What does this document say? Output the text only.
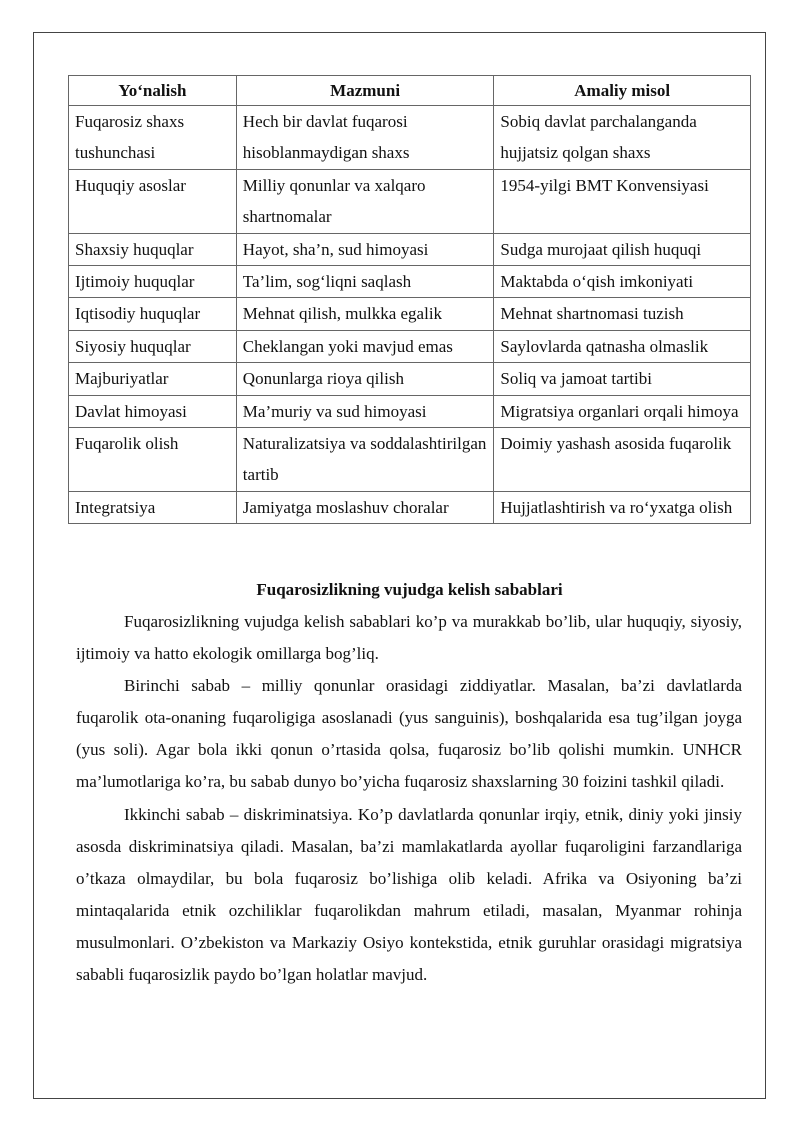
Yo‘nalish	Mazmuni	Amaliy misol
Fuqarosiz shaxs tushunchasi	Hech bir davlat fuqarosi hisoblanmaydigan shaxs	Sobiq davlat parchalanganda hujjatsiz qolgan shaxs
Huquqiy asoslar	Milliy qonunlar va xalqaro shartnomalar	1954-yilgi BMT Konvensiyasi
Shaxsiy huquqlar	Hayot, sha’n, sud himoyasi	Sudga murojaat qilish huquqi
Ijtimoiy huquqlar	Ta’lim, sog‘liqni saqlash	Maktabda o‘qish imkoniyati
Iqtisodiy huquqlar	Mehnat qilish, mulkka egalik	Mehnat shartnomasi tuzish
Siyosiy huquqlar	Cheklangan yoki mavjud emas	Saylovlarda qatnasha olmaslik
Majburiyatlar	Qonunlarga rioya qilish	Soliq va jamoat tartibi
Davlat himoyasi	Ma’muriy va sud himoyasi	Migratsiya organlari orqali himoya
Fuqarolik olish	Naturalizatsiya va soddalashtirilgan tartib	Doimiy yashash asosida fuqarolik
Integratsiya	Jamiyatga moslashuv choralar	Hujjatlashtirish va ro‘yxatga olish
Fuqarosizlikning vujudga kelish sabablari

Fuqarosizlikning vujudga kelish sabablari ko’p va murakkab bo’lib, ular huquqiy, siyosiy, ijtimoiy va hatto ekologik omillarga bog’liq.

Birinchi sabab – milliy qonunlar orasidagi ziddiyatlar. Masalan, ba’zi davlatlarda fuqarolik ota-onaning fuqaroligiga asoslanadi (yus sanguinis), boshqalarida esa tug’ilgan joyga (yus soli). Agar bola ikki qonun o’rtasida qolsa, fuqarosiz bo’lib qolishi mumkin. UNHCR ma’lumotlariga ko’ra, bu sabab dunyo bo’yicha fuqarosiz shaxslarning 30 foizini tashkil qiladi.

Ikkinchi sabab – diskriminatsiya. Ko’p davlatlarda qonunlar irqiy, etnik, diniy yoki jinsiy asosda diskriminatsiya qiladi. Masalan, ba’zi mamlakatlarda ayollar fuqaroligini farzandlariga o’tkaza olmaydilar, bu bola fuqarosiz bo’lishiga olib keladi. Afrika va Osiyoning ba’zi mintaqalarida etnik ozchiliklar fuqarolikdan mahrum etiladi, masalan, Myanmar rohinja musulmonlari. O’zbekiston va Markaziy Osiyo kontekstida, etnik guruhlar orasidagi migratsiya sababli fuqarosizlik paydo bo’lgan holatlar mavjud.
